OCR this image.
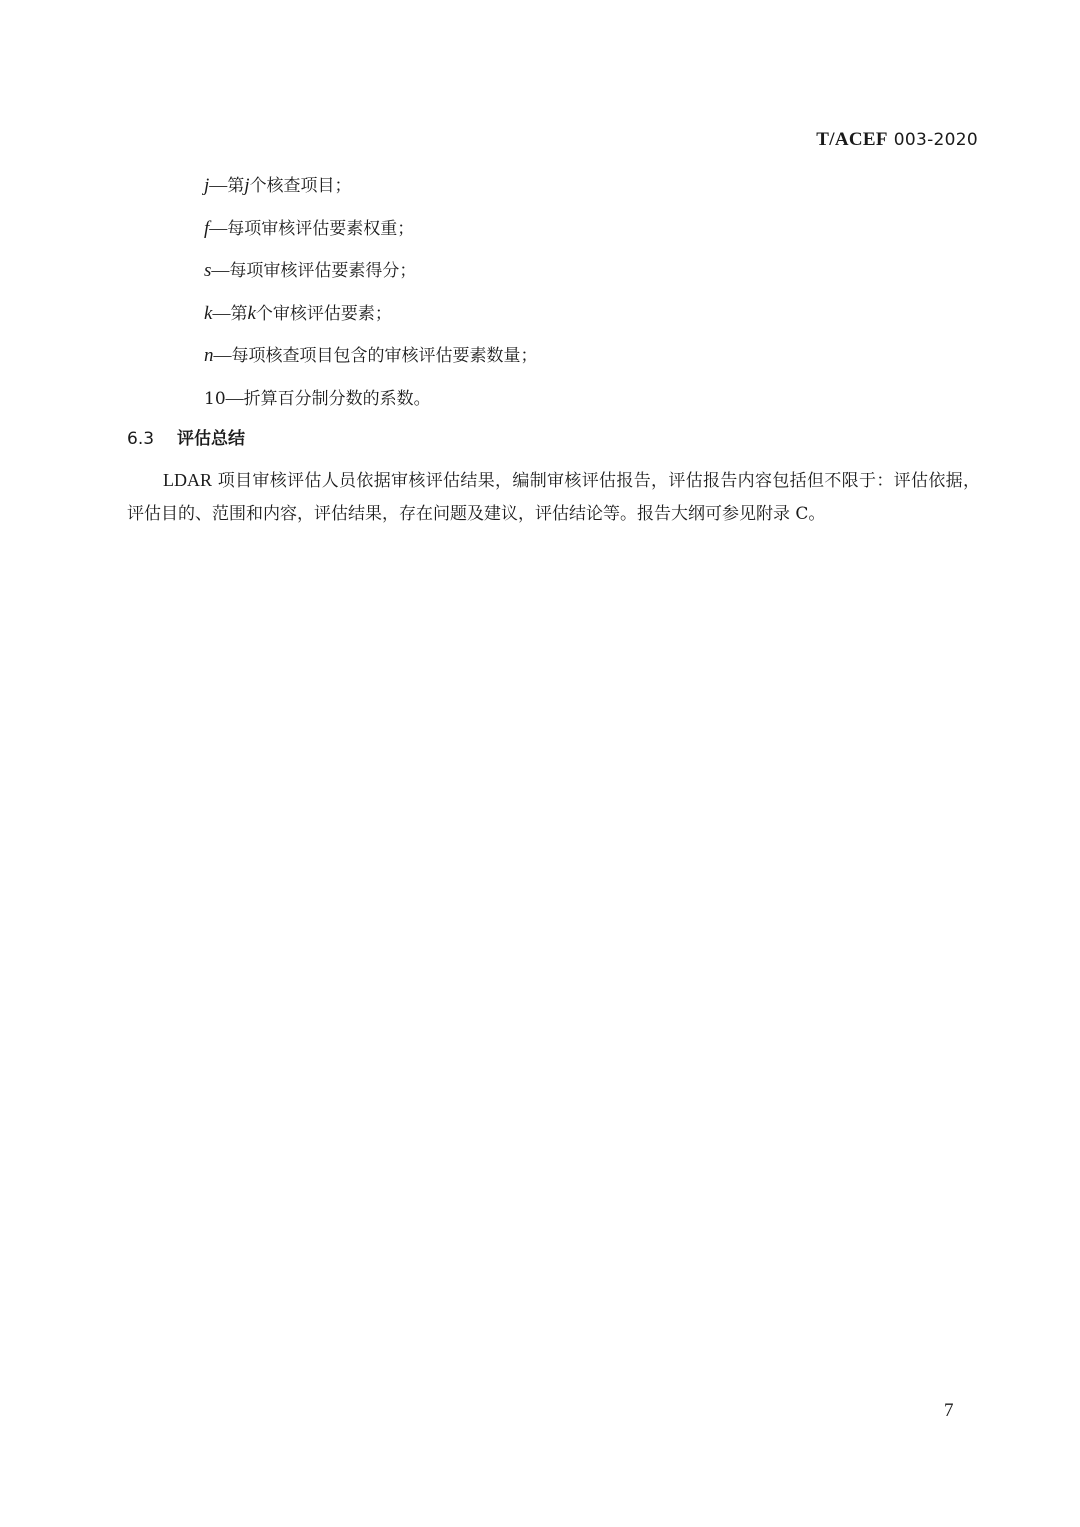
T/ACEF 003-2020
j—第j个核查项目；
f—每项审核评估要素权重；
s—每项审核评估要素得分；
k—第k个审核评估要素；
n—每项核查项目包含的审核评估要素数量；
10—折算百分制分数的系数。
6.3 评估总结

LDAR 项目审核评估人员依据审核评估结果，编制审核评估报告，评估报告内容包括但不限于：评估依据，评估目的、范围和内容，评估结果，存在问题及建议，评估结论等。报告大纲可参见附录 C。

7
